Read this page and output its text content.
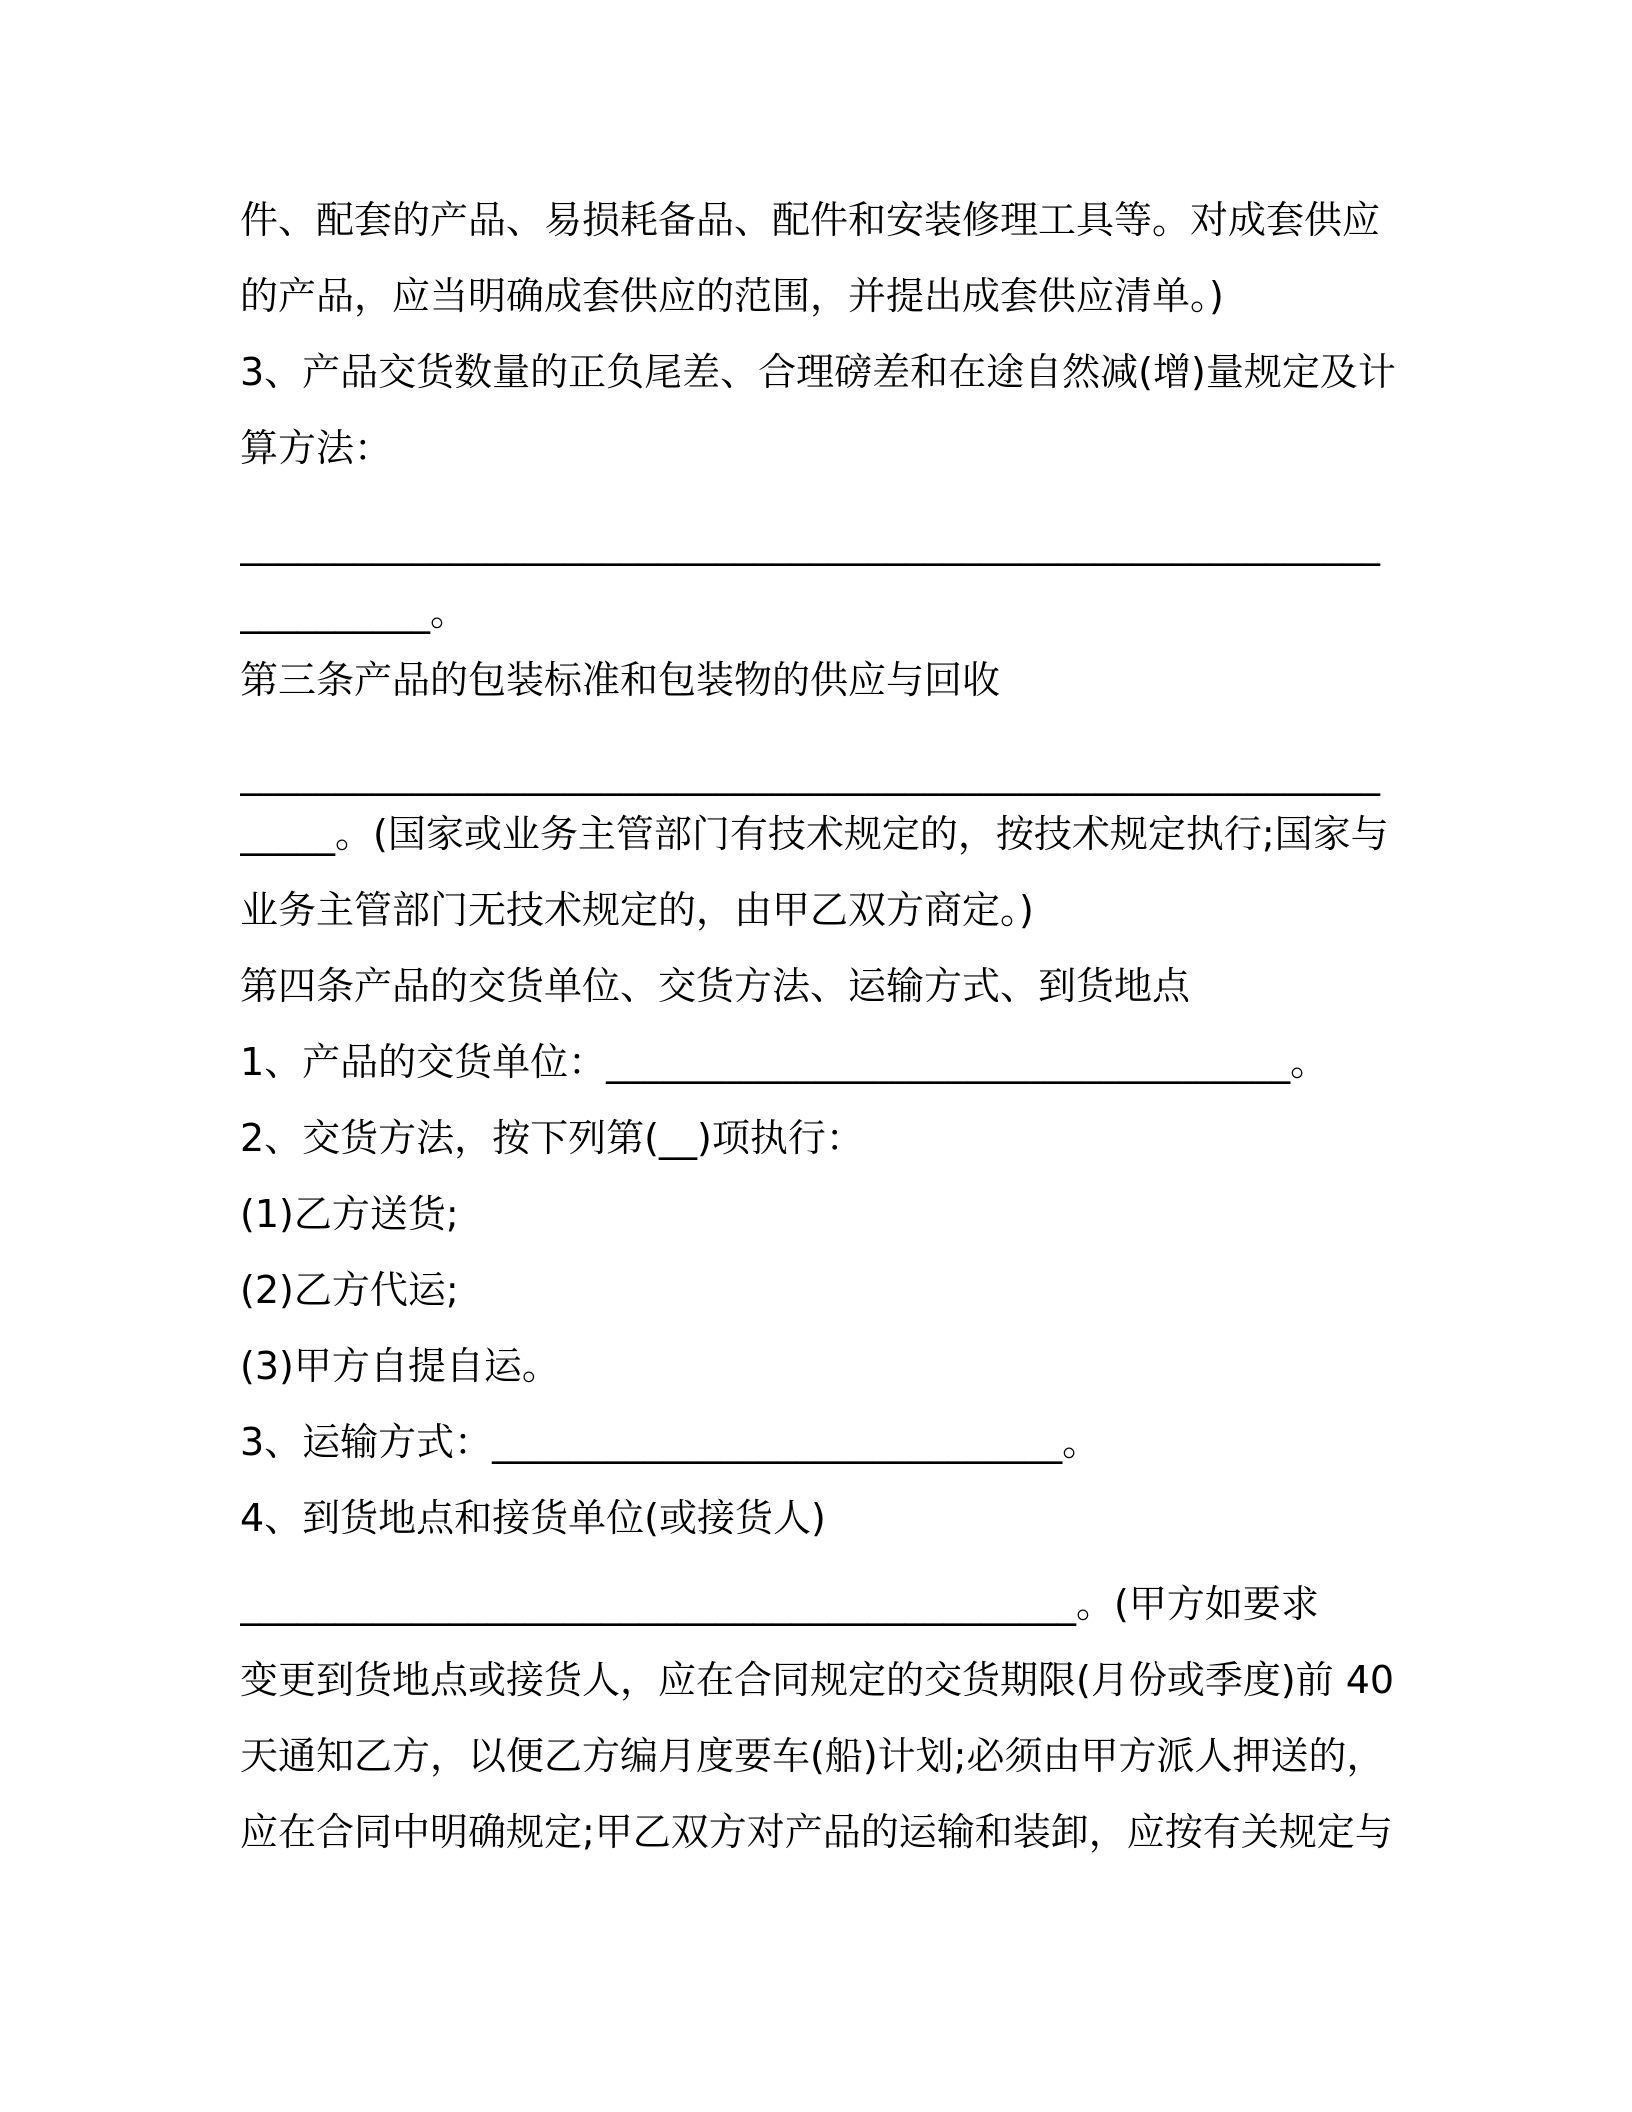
件、配套的产品、易损耗备品、配件和安装修理工具等。对成套供应
的产品，应当明确成套供应的范围，并提出成套供应清单。)
3、产品交货数量的正负尾差、合理磅差和在途自然减(增)量规定及计
算方法：
____________________________________________________________
__________。
第三条产品的包装标准和包装物的供应与回收
____________________________________________________________
_____。(国家或业务主管部门有技术规定的，按技术规定执行;国家与
业务主管部门无技术规定的，由甲乙双方商定。)
第四条产品的交货单位、交货方法、运输方式、到货地点
1、产品的交货单位：____________________________________。
2、交货方法，按下列第(__)项执行：
(1)乙方送货;
(2)乙方代运;
(3)甲方自提自运。
3、运输方式：______________________________。
4、到货地点和接货单位(或接货人)
____________________________________________。(甲方如要求
变更到货地点或接货人，应在合同规定的交货期限(月份或季度)前 40
天通知乙方，以便乙方编月度要车(船)计划;必须由甲方派人押送的，
应在合同中明确规定;甲乙双方对产品的运输和装卸，应按有关规定与
